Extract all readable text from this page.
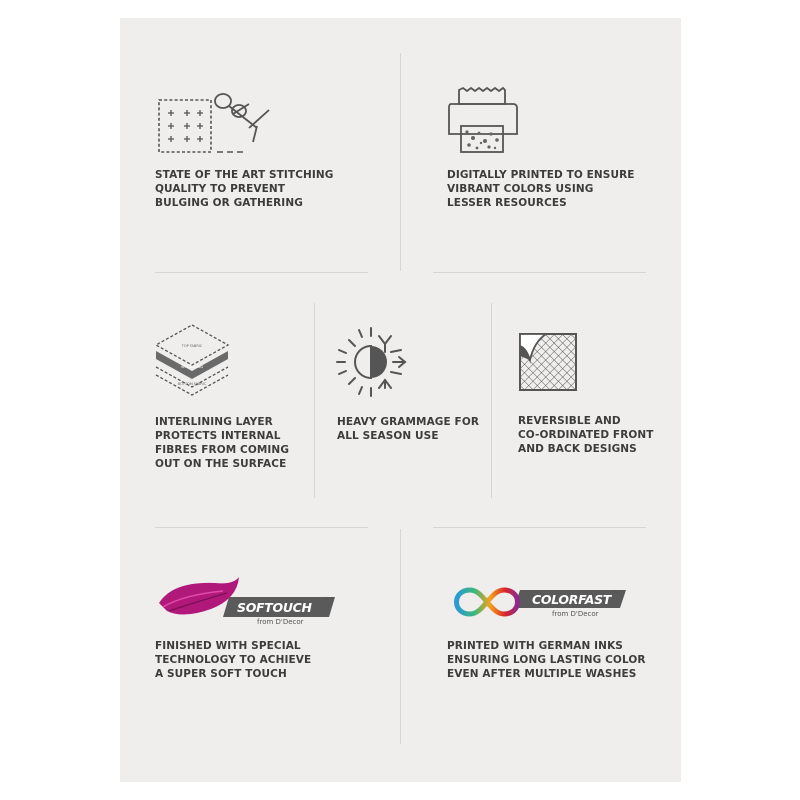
STATE OF THE ART STITCHING
QUALITY TO PREVENT
BULGING OR GATHERING
DIGITALLY PRINTED TO ENSURE
VIBRANT COLORS USING
LESSER RESOURCES
TOP FABRIC
INTERLINING
BOTTOM FABRIC
INTERLINING LAYER
PROTECTS INTERNAL
FIBRES FROM COMING
OUT ON THE SURFACE
HEAVY GRAMMAGE FOR
ALL SEASON USE
REVERSIBLE AND
CO-ORDINATED FRONT
AND BACK DESIGNS
SOFTOUCH TM
from D'Decor
FINISHED WITH SPECIAL
TECHNOLOGY TO ACHIEVE
A SUPER SOFT TOUCH
COLORFAST TM
from D'Decor
PRINTED WITH GERMAN INKS
ENSURING LONG LASTING COLOR
EVEN AFTER MULTIPLE WASHES
